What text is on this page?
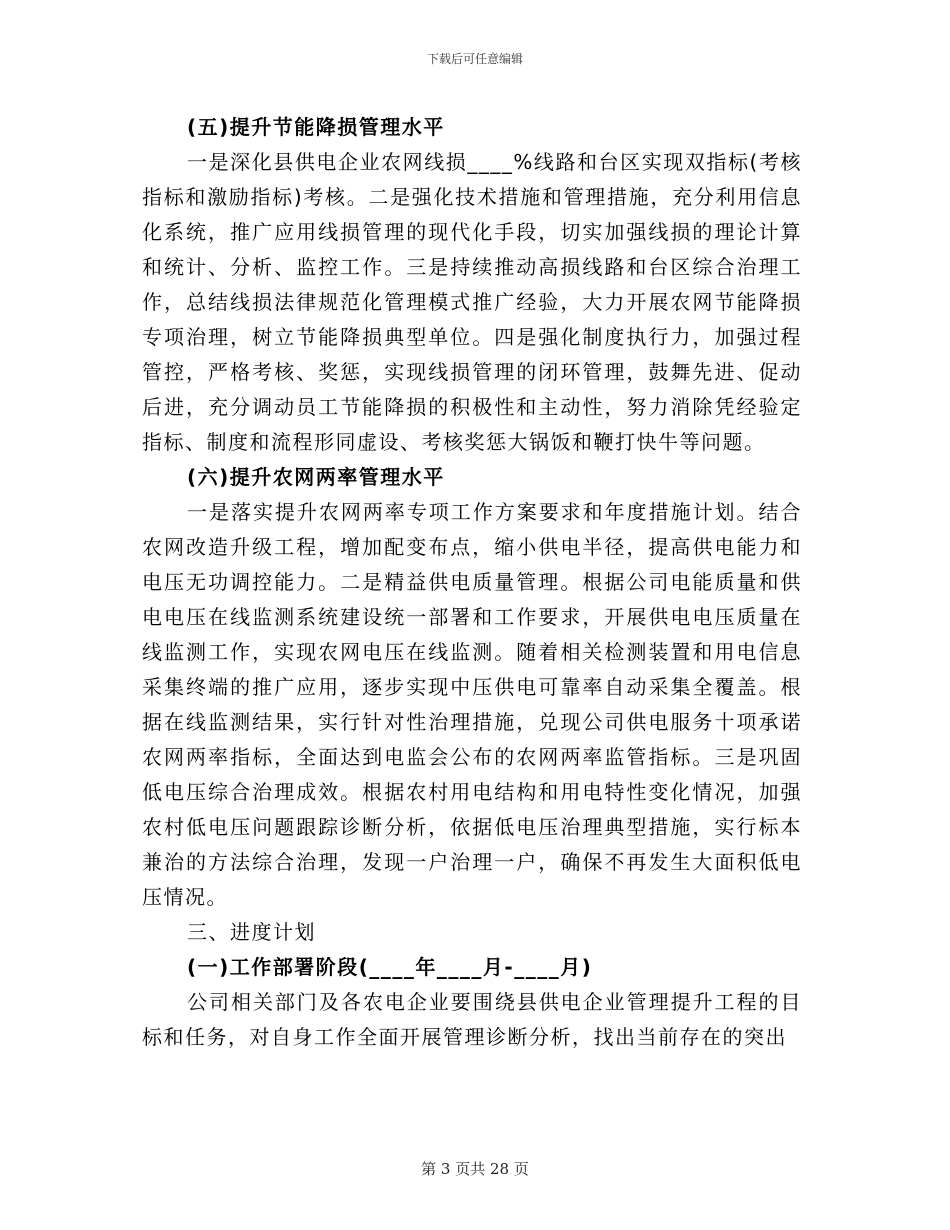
下载后可任意编辑

(五)提升节能降损管理水平

一是深化县供电企业农网线损____%线路和台区实现双指标(考核指标和激励指标)考核。二是强化技术措施和管理措施，充分利用信息化系统，推广应用线损管理的现代化手段，切实加强线损的理论计算和统计、分析、监控工作。三是持续推动高损线路和台区综合治理工作，总结线损法律规范化管理模式推广经验，大力开展农网节能降损专项治理，树立节能降损典型单位。四是强化制度执行力，加强过程管控，严格考核、奖惩，实现线损管理的闭环管理，鼓舞先进、促动后进，充分调动员工节能降损的积极性和主动性，努力消除凭经验定指标、制度和流程形同虚设、考核奖惩大锅饭和鞭打快牛等问题。

(六)提升农网两率管理水平

一是落实提升农网两率专项工作方案要求和年度措施计划。结合农网改造升级工程，增加配变布点，缩小供电半径，提高供电能力和电压无功调控能力。二是精益供电质量管理。根据公司电能质量和供电电压在线监测系统建设统一部署和工作要求，开展供电电压质量在线监测工作，实现农网电压在线监测。随着相关检测装置和用电信息采集终端的推广应用，逐步实现中压供电可靠率自动采集全覆盖。根据在线监测结果，实行针对性治理措施，兑现公司供电服务十项承诺农网两率指标，全面达到电监会公布的农网两率监管指标。三是巩固低电压综合治理成效。根据农村用电结构和用电特性变化情况，加强农村低电压问题跟踪诊断分析，依据低电压治理典型措施，实行标本兼治的方法综合治理，发现一户治理一户，确保不再发生大面积低电压情况。

三、进度计划

(一)工作部署阶段(____年____月-____月)

公司相关部门及各农电企业要围绕县供电企业管理提升工程的目标和任务，对自身工作全面开展管理诊断分析，找出当前存在的突出

第 3 页共 28 页
